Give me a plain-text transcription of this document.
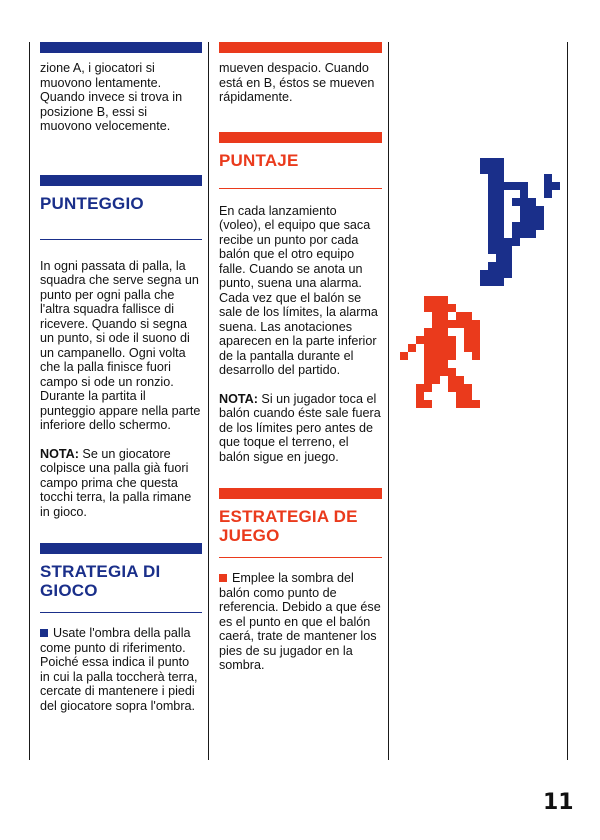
zione A, i giocatori si muovono lentamente. Quando invece si trova in posizione B, essi si muovono velocemente.

PUNTEGGIO

In ogni passata di palla, la squadra che serve segna un punto per ogni palla che l'altra squadra fallisce di ricevere. Quando si segna un punto, si ode il suono di un campanello. Ogni volta che la palla finisce fuori campo si ode un ronzio. Durante la partita il punteggio appare nella parte inferiore dello schermo.

NOTA: Se un giocatore colpisce una palla già fuori campo prima che questa tocchi terra, la palla rimane in gioco.

STRATEGIA DI GIOCO

Usate l'ombra della palla come punto di riferimento. Poiché essa indica il punto in cui la palla toccherà terra, cercate di mantenere i piedi del giocatore sopra l'ombra.

mueven despacio. Cuando está en B, éstos se mueven rápidamente.

PUNTAJE

En cada lanzamiento (voleo), el equipo que saca recibe un punto por cada balón que el otro equipo falle. Cuando se anota un punto, suena una alarma. Cada vez que el balón se sale de los límites, la alarma suena. Las anotaciones aparecen en la parte inferior de la pantalla durante el desarrollo del partido.

NOTA: Si un jugador toca el balón cuando éste sale fuera de los límites pero antes de que toque el terreno, el balón sigue en juego.

ESTRATEGIA DE JUEGO

Emplee la sombra del balón como punto de referencia. Debido a que ése es el punto en que el balón caerá, trate de mantener los pies de su jugador en la sombra.

11
